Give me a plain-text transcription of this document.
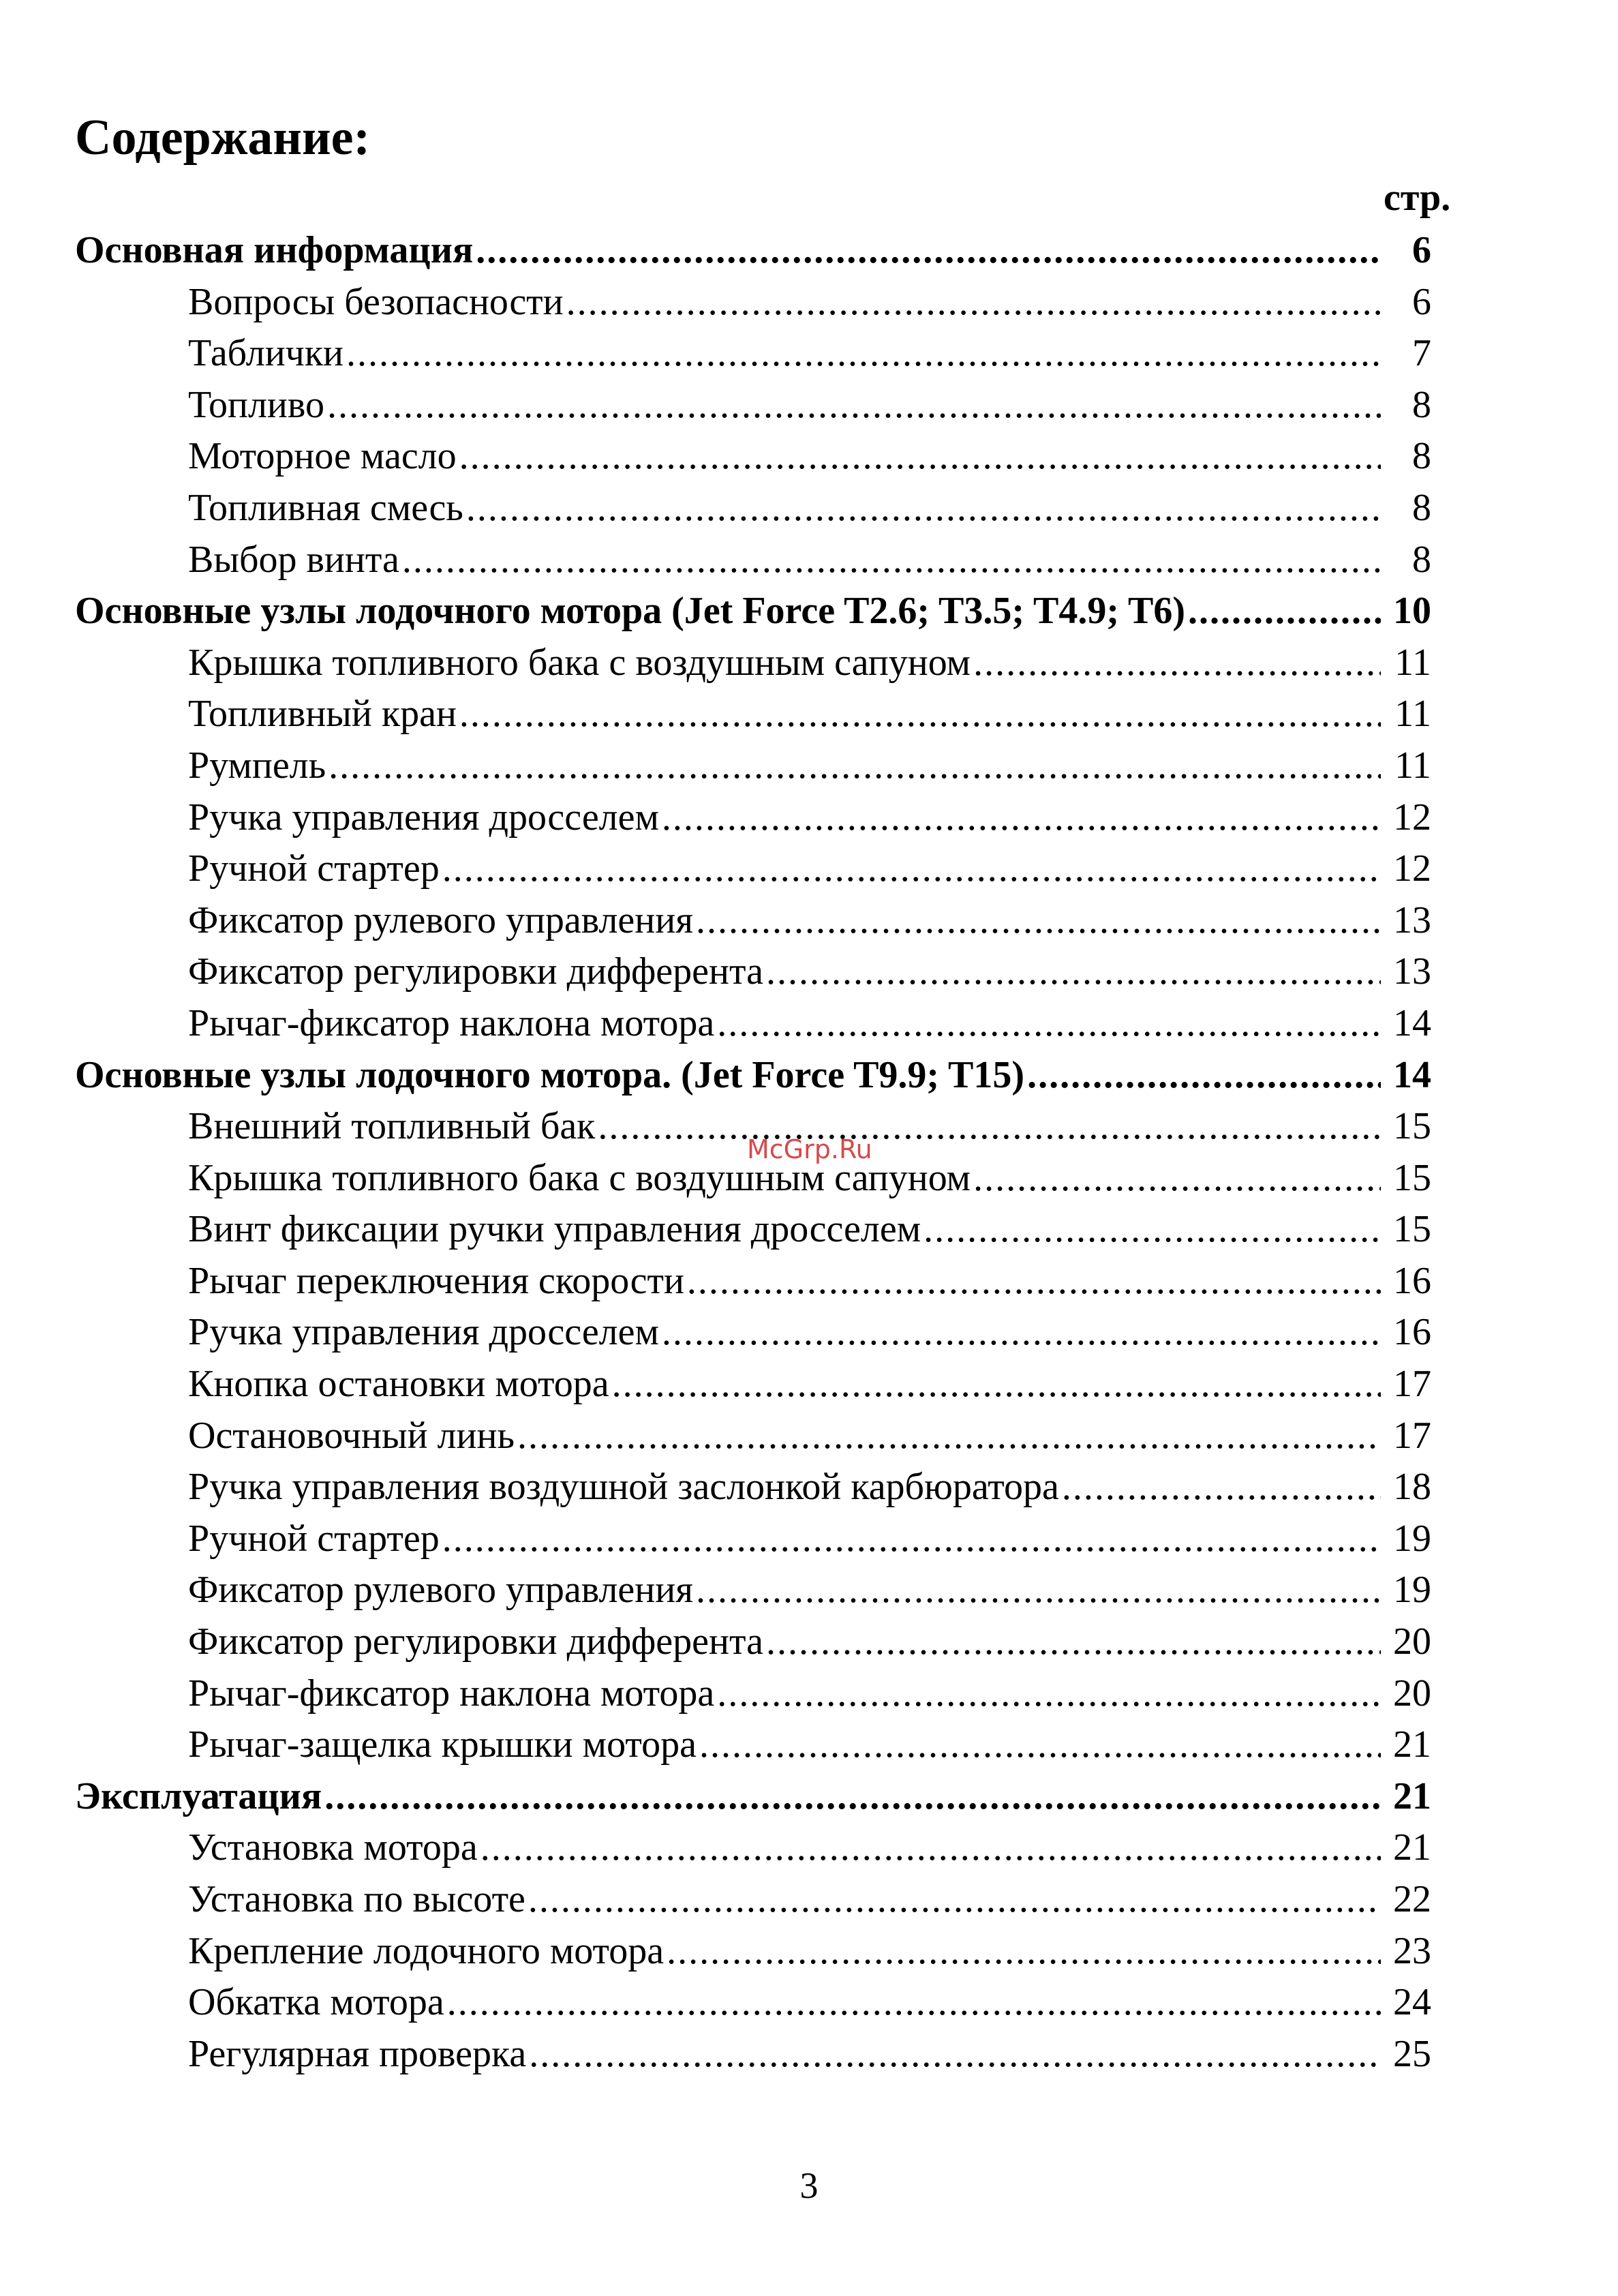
Содержание:
стр.
Основная информация .....	6
Вопросы безопасности .....	6
Таблички .....	7
Топливо .....	8
Моторное масло .....	8
Топливная смесь .....	8
Выбор винта .....	8
Основные узлы лодочного мотора (Jet Force T2.6; T3.5; T4.9; T6) .....	10
Крышка топливного бака с воздушным сапуном .....	11
Топливный кран .....	11
Румпель .....	11
Ручка управления дросселем .....	12
Ручной стартер .....	12
Фиксатор рулевого управления .....	13
Фиксатор регулировки дифферента .....	13
Рычаг-фиксатор наклона мотора .....	14
Основные узлы лодочного мотора. (Jet Force T9.9; T15) .....	14
Внешний топливный бак .....	15
Крышка топливного бака с воздушным сапуном .....	15
Винт фиксации ручки управления дросселем .....	15
Рычаг переключения скорости .....	16
Ручка управления дросселем .....	16
Кнопка остановки мотора .....	17
Остановочный линь .....	17
Ручка управления воздушной заслонкой карбюратора .....	18
Ручной стартер .....	19
Фиксатор рулевого управления .....	19
Фиксатор регулировки дифферента .....	20
Рычаг-фиксатор наклона мотора .....	20
Рычаг-защелка крышки мотора .....	21
Эксплуатация .....	21
Установка мотора .....	21
Установка по высоте .....	22
Крепление лодочного мотора .....	23
Обкатка мотора .....	24
Регулярная проверка .....	25
McGrp.Ru
3
